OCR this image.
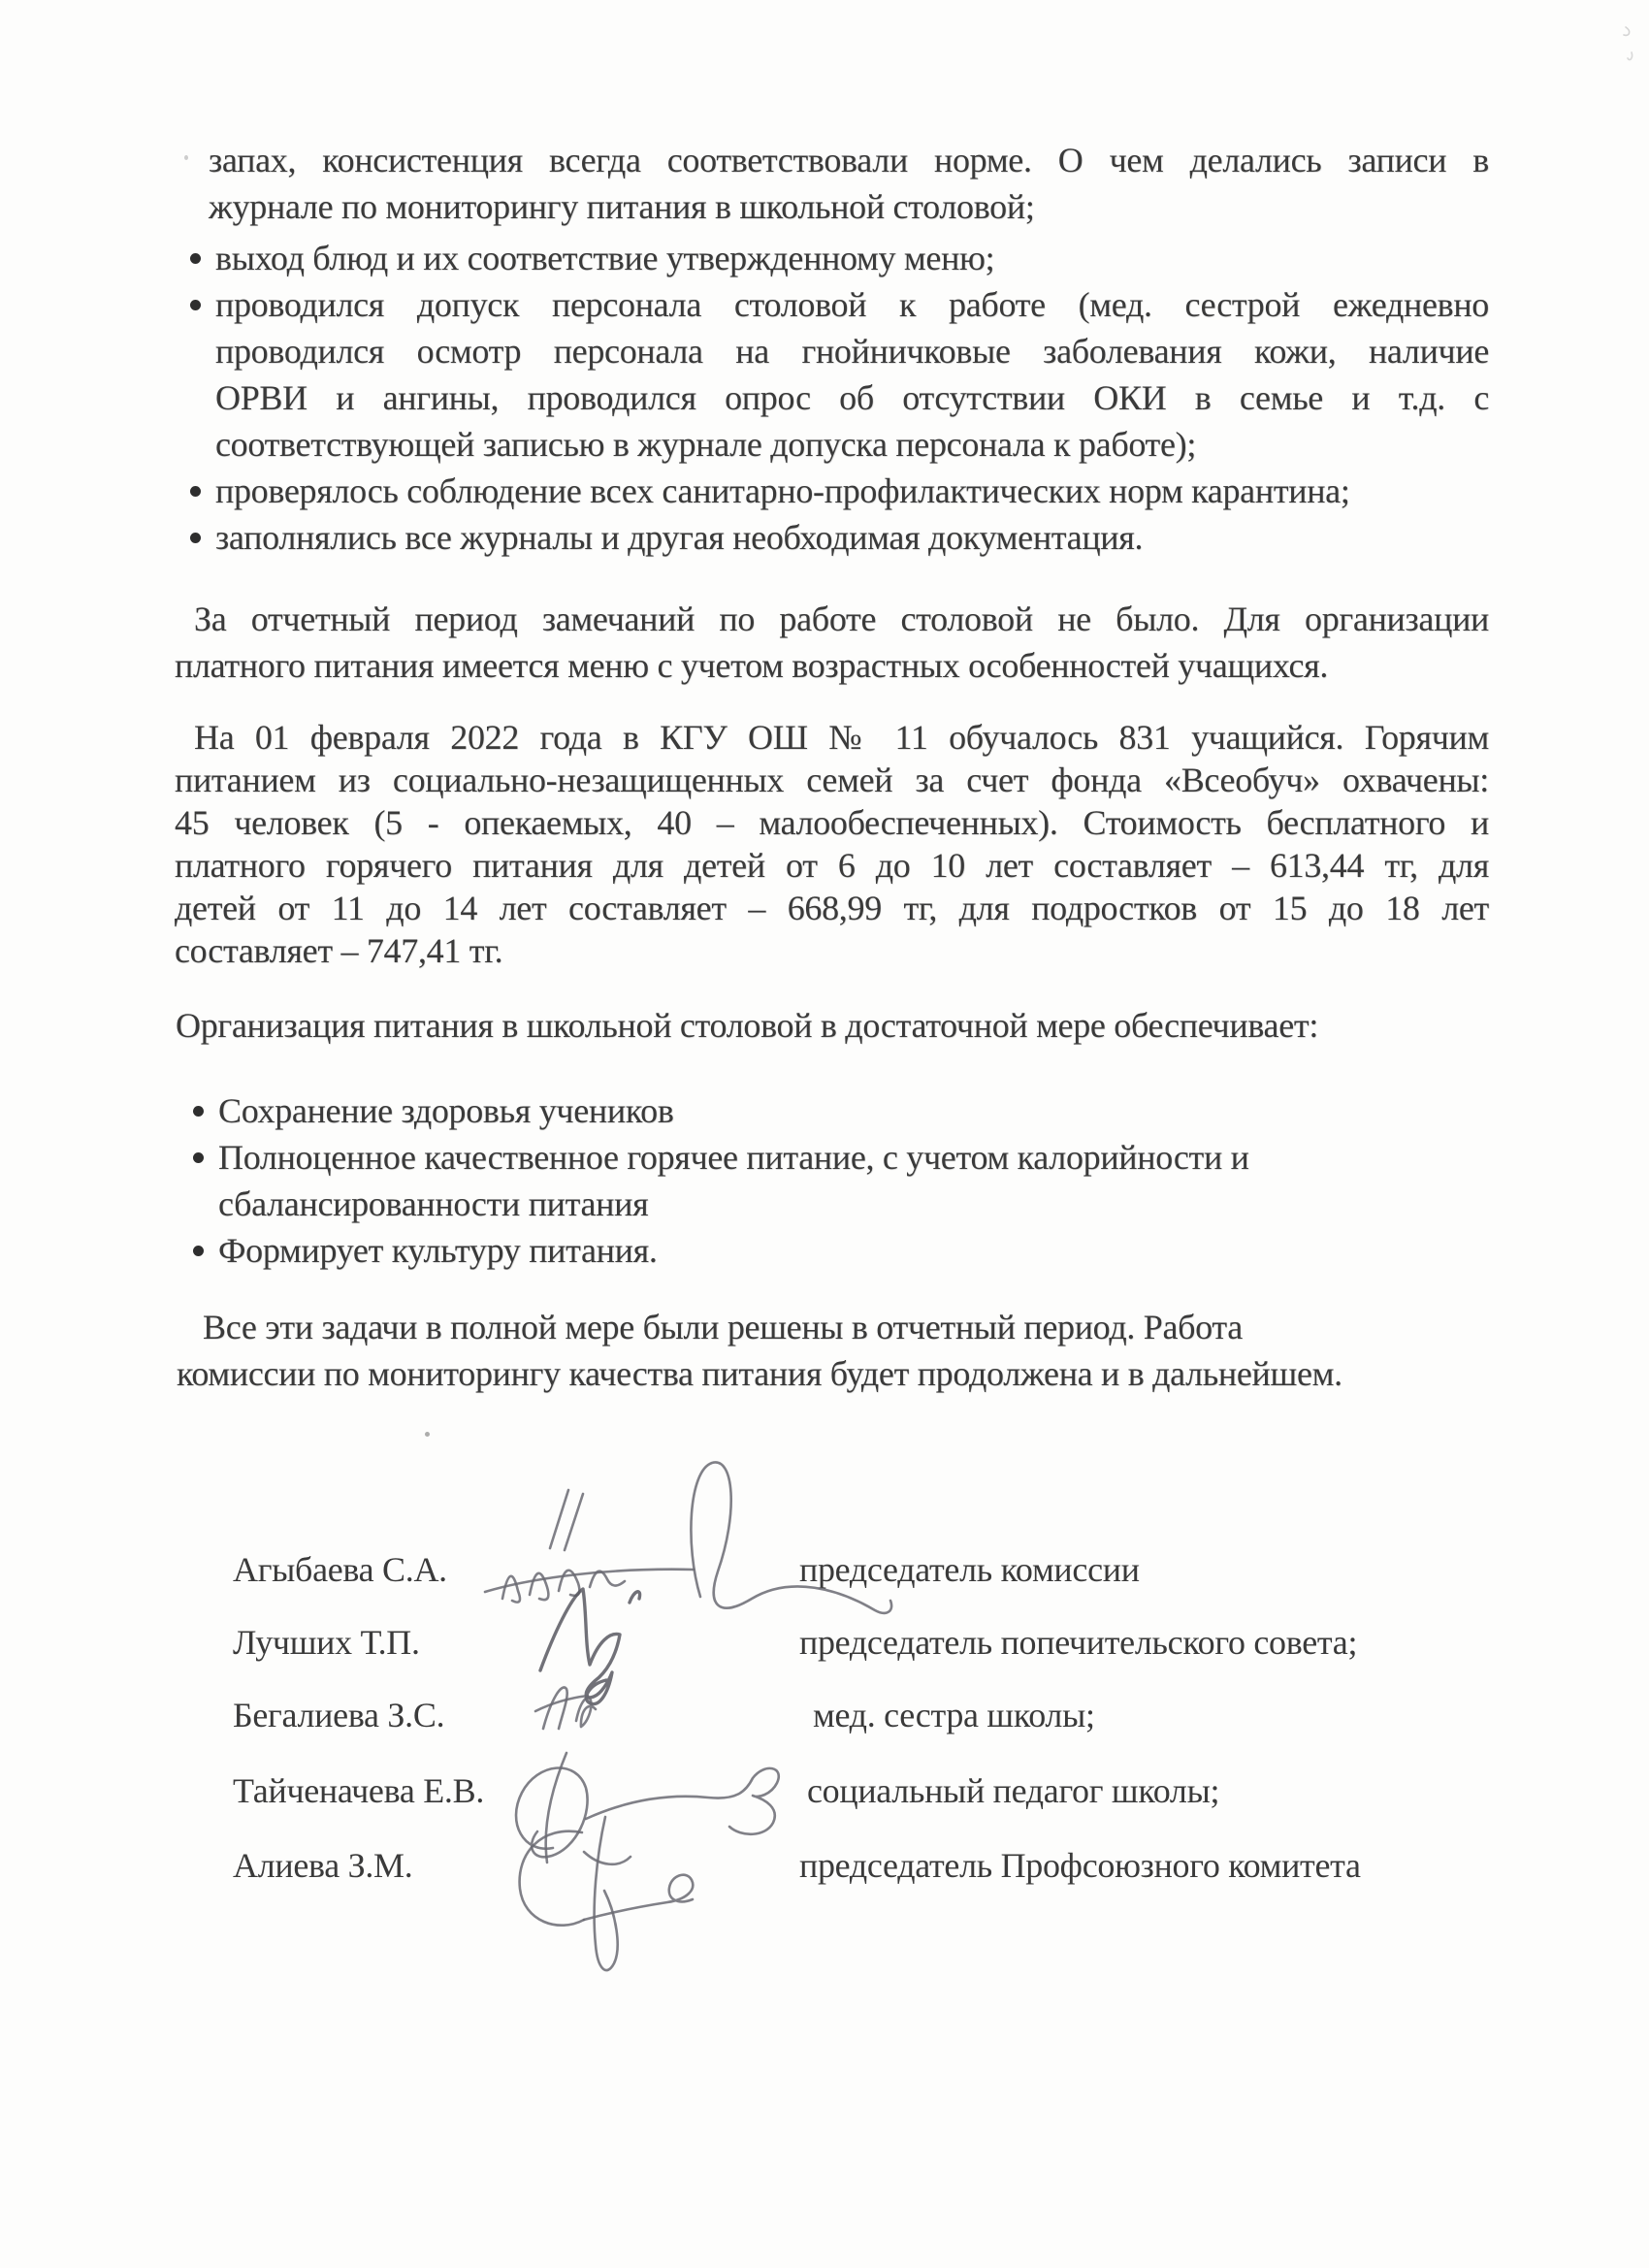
запах, консистенция всегда соответствовали норме. О чем делались записи в
журнале по мониторингу питания в школьной столовой;
выход блюд и их соответствие утвержденному меню;
проводился допуск персонала столовой к работе (мед. сестрой ежедневно
проводился осмотр персонала на гнойничковые заболевания кожи, наличие
ОРВИ и ангины, проводился опрос об отсутствии ОКИ в семье и т.д. с
соответствующей записью в журнале допуска персонала к работе);
проверялось соблюдение всех санитарно-профилактических норм карантина;
заполнялись все журналы и другая необходимая документация.
За отчетный период замечаний по работе столовой не было. Для организации
платного питания имеется меню с учетом возрастных особенностей учащихся.
На 01 февраля 2022 года в КГУ ОШ № 11 обучалось 831 учащийся. Горячим
питанием из социально-незащищенных семей за счет фонда «Всеобуч» охвачены:
45 человек (5 - опекаемых, 40 – малообеспеченных). Стоимость бесплатного и
платного горячего питания для детей от 6 до 10 лет составляет – 613,44 тг, для
детей от 11 до 14 лет составляет – 668,99 тг, для подростков от 15 до 18 лет
составляет – 747,41 тг.
Организация питания в школьной столовой в достаточной мере обеспечивает:
Сохранение здоровья учеников
Полноценное качественное горячее питание, с учетом калорийности и
сбалансированности питания
Формирует культуру питания.
Все эти задачи в полной мере были решены в отчетный период. Работа
комиссии по мониторингу качества питания будет продолжена и в дальнейшем.
Агыбаева С.А.	председатель комиссии
Лучших Т.П.	председатель попечительского совета;
Бегалиева З.С.	мед. сестра школы;
Тайченачева Е.В.	социальный педагог школы;
Алиева З.М.	председатель Профсоюзного комитета
